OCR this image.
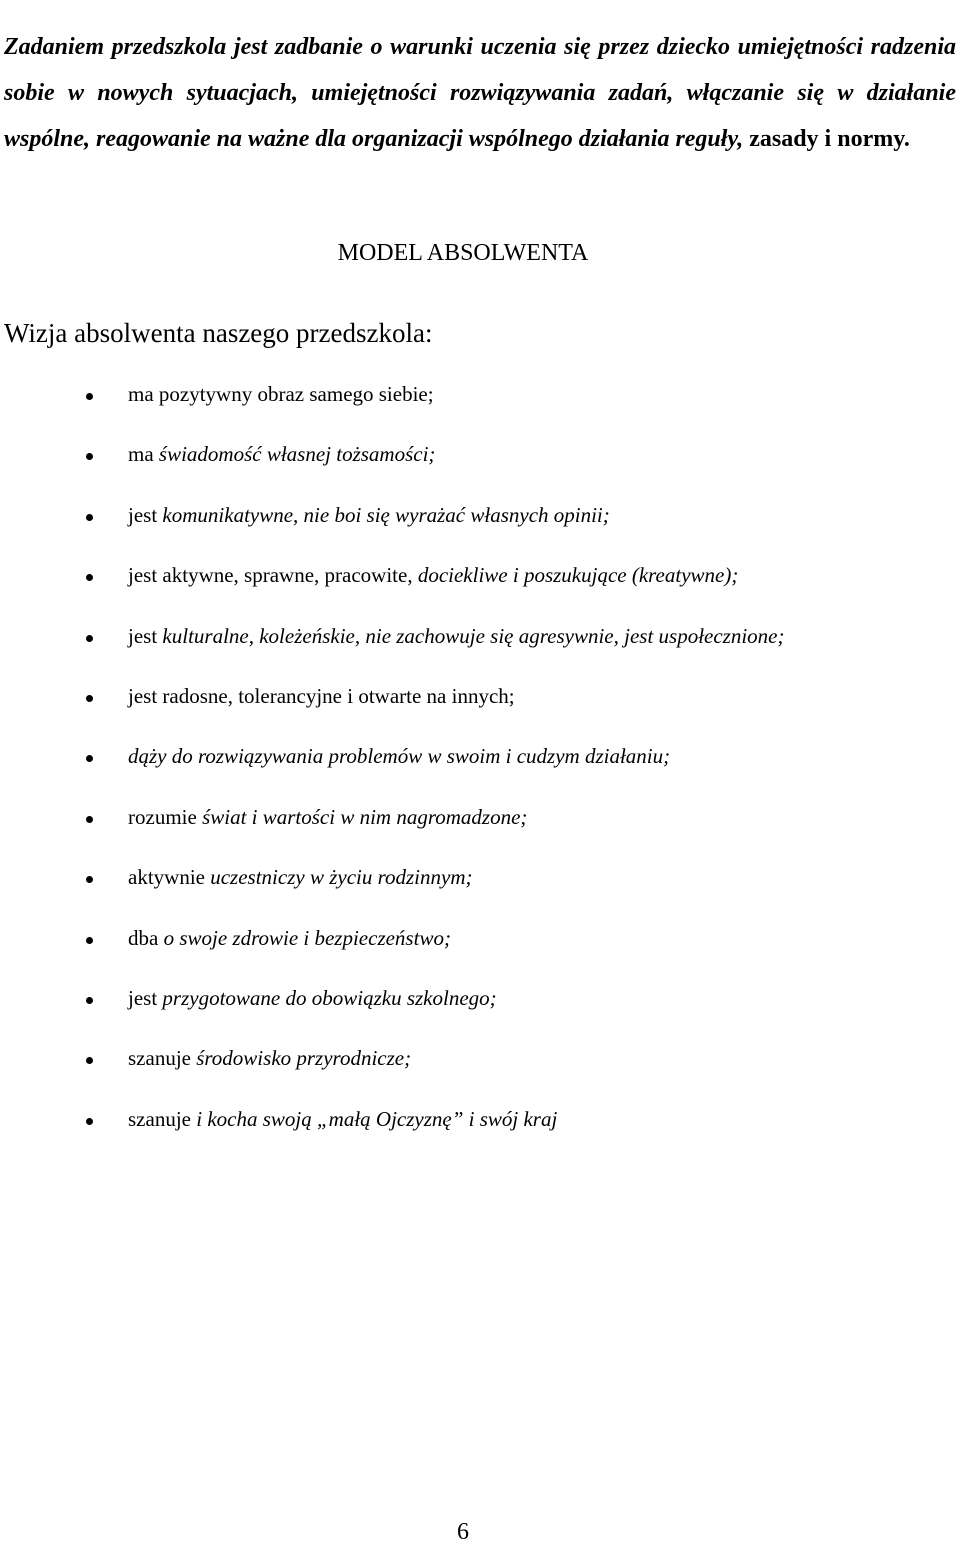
Zadaniem przedszkola jest zadbanie o warunki uczenia się przez dziecko umiejętności radzenia sobie w nowych sytuacjach, umiejętności rozwiązywania zadań, włączanie się w działanie wspólne, reagowanie na ważne dla organizacji wspólnego działania reguły, zasady i normy.

MODEL ABSOLWENTA
Wizja absolwenta naszego przedszkola:
ma pozytywny obraz samego siebie;
ma świadomość własnej tożsamości;
jest komunikatywne, nie boi się wyrażać własnych opinii;
jest aktywne, sprawne, pracowite, dociekliwe i poszukujące (kreatywne);
jest kulturalne, koleżeńskie, nie zachowuje się agresywnie, jest uspołecznione;
jest radosne, tolerancyjne i otwarte na innych;
dąży do rozwiązywania problemów w swoim i cudzym działaniu;
rozumie świat i wartości w nim nagromadzone;
aktywnie uczestniczy w życiu rodzinnym;
dba o swoje zdrowie i bezpieczeństwo;
jest przygotowane do obowiązku szkolnego;
szanuje środowisko przyrodnicze;
szanuje i kocha swoją „małą Ojczyznę” i swój kraj
6
